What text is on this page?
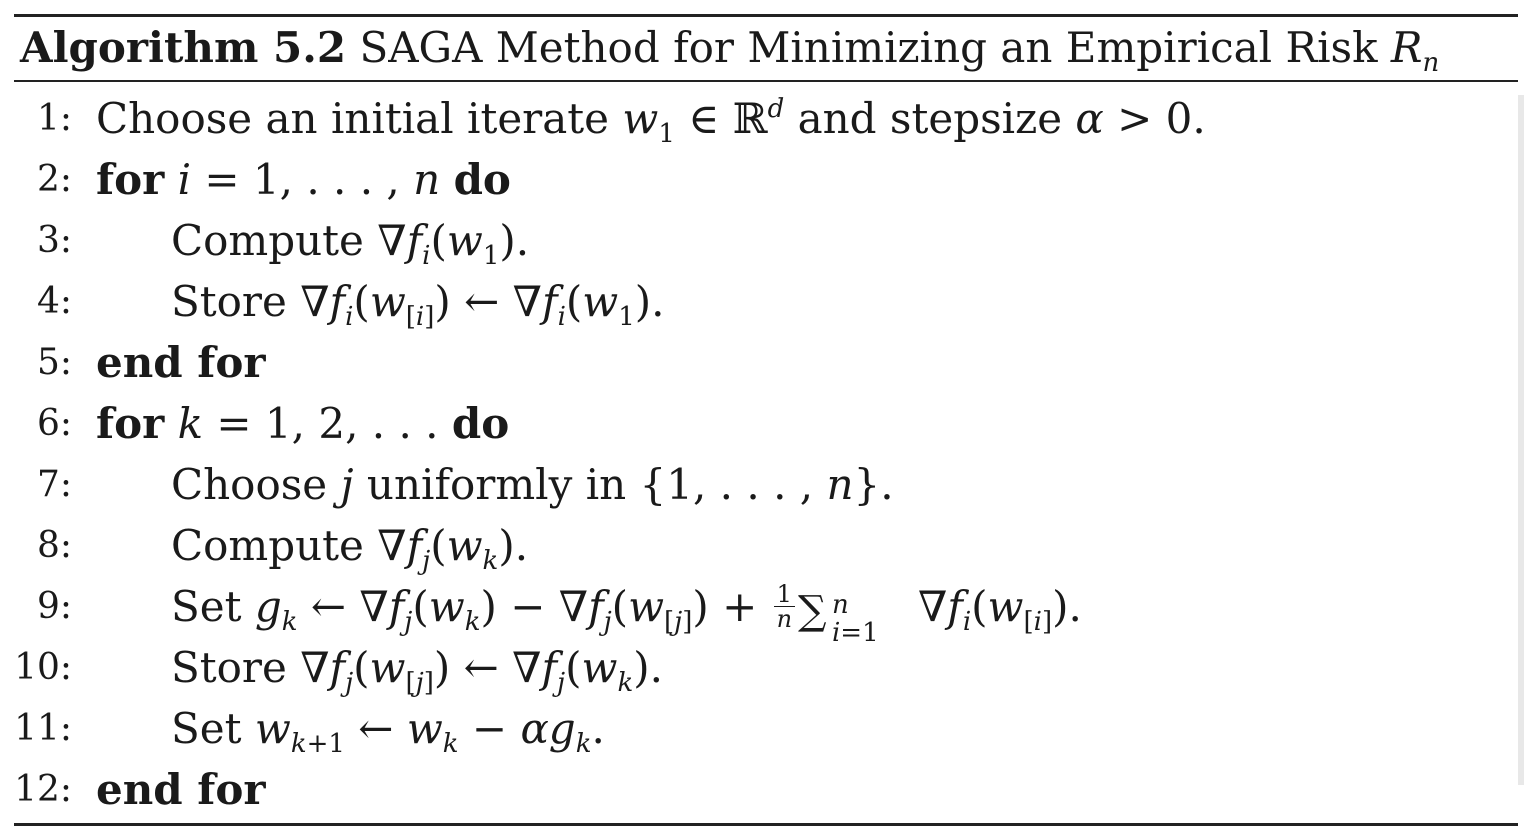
Algorithm 5.2 SAGA Method for Minimizing an Empirical Risk $R_n$
1: Choose an initial iterate $w_1$ ∈ ℝ$^d$ and stepsize α > 0.
2: for i = 1, . . . , n do
3: Compute $\nabla f_i(w_1)$.
4: Store $\nabla f_i(w_{[i]})$ ← $\nabla f_i(w_1)$.
5: end for
6: for k = 1, 2, . . . do
7: Choose j uniformly in {1, . . . , n}.
8: Compute $\nabla f_j(w_k)$.
9: Set $g_k$ ← $\nabla f_j(w_k) - \nabla f_j(w_{[j]}) + \frac{1}{n}$ ∑ n
i=1
$\nabla f_i(w_{[i]})$.
10: Store $\nabla f_j(w_{[j]})$ ← $\nabla f_j(w_k)$.
11: Set $w_{k+1}$ ← $w_k - \alpha g_k$.
12: end for
